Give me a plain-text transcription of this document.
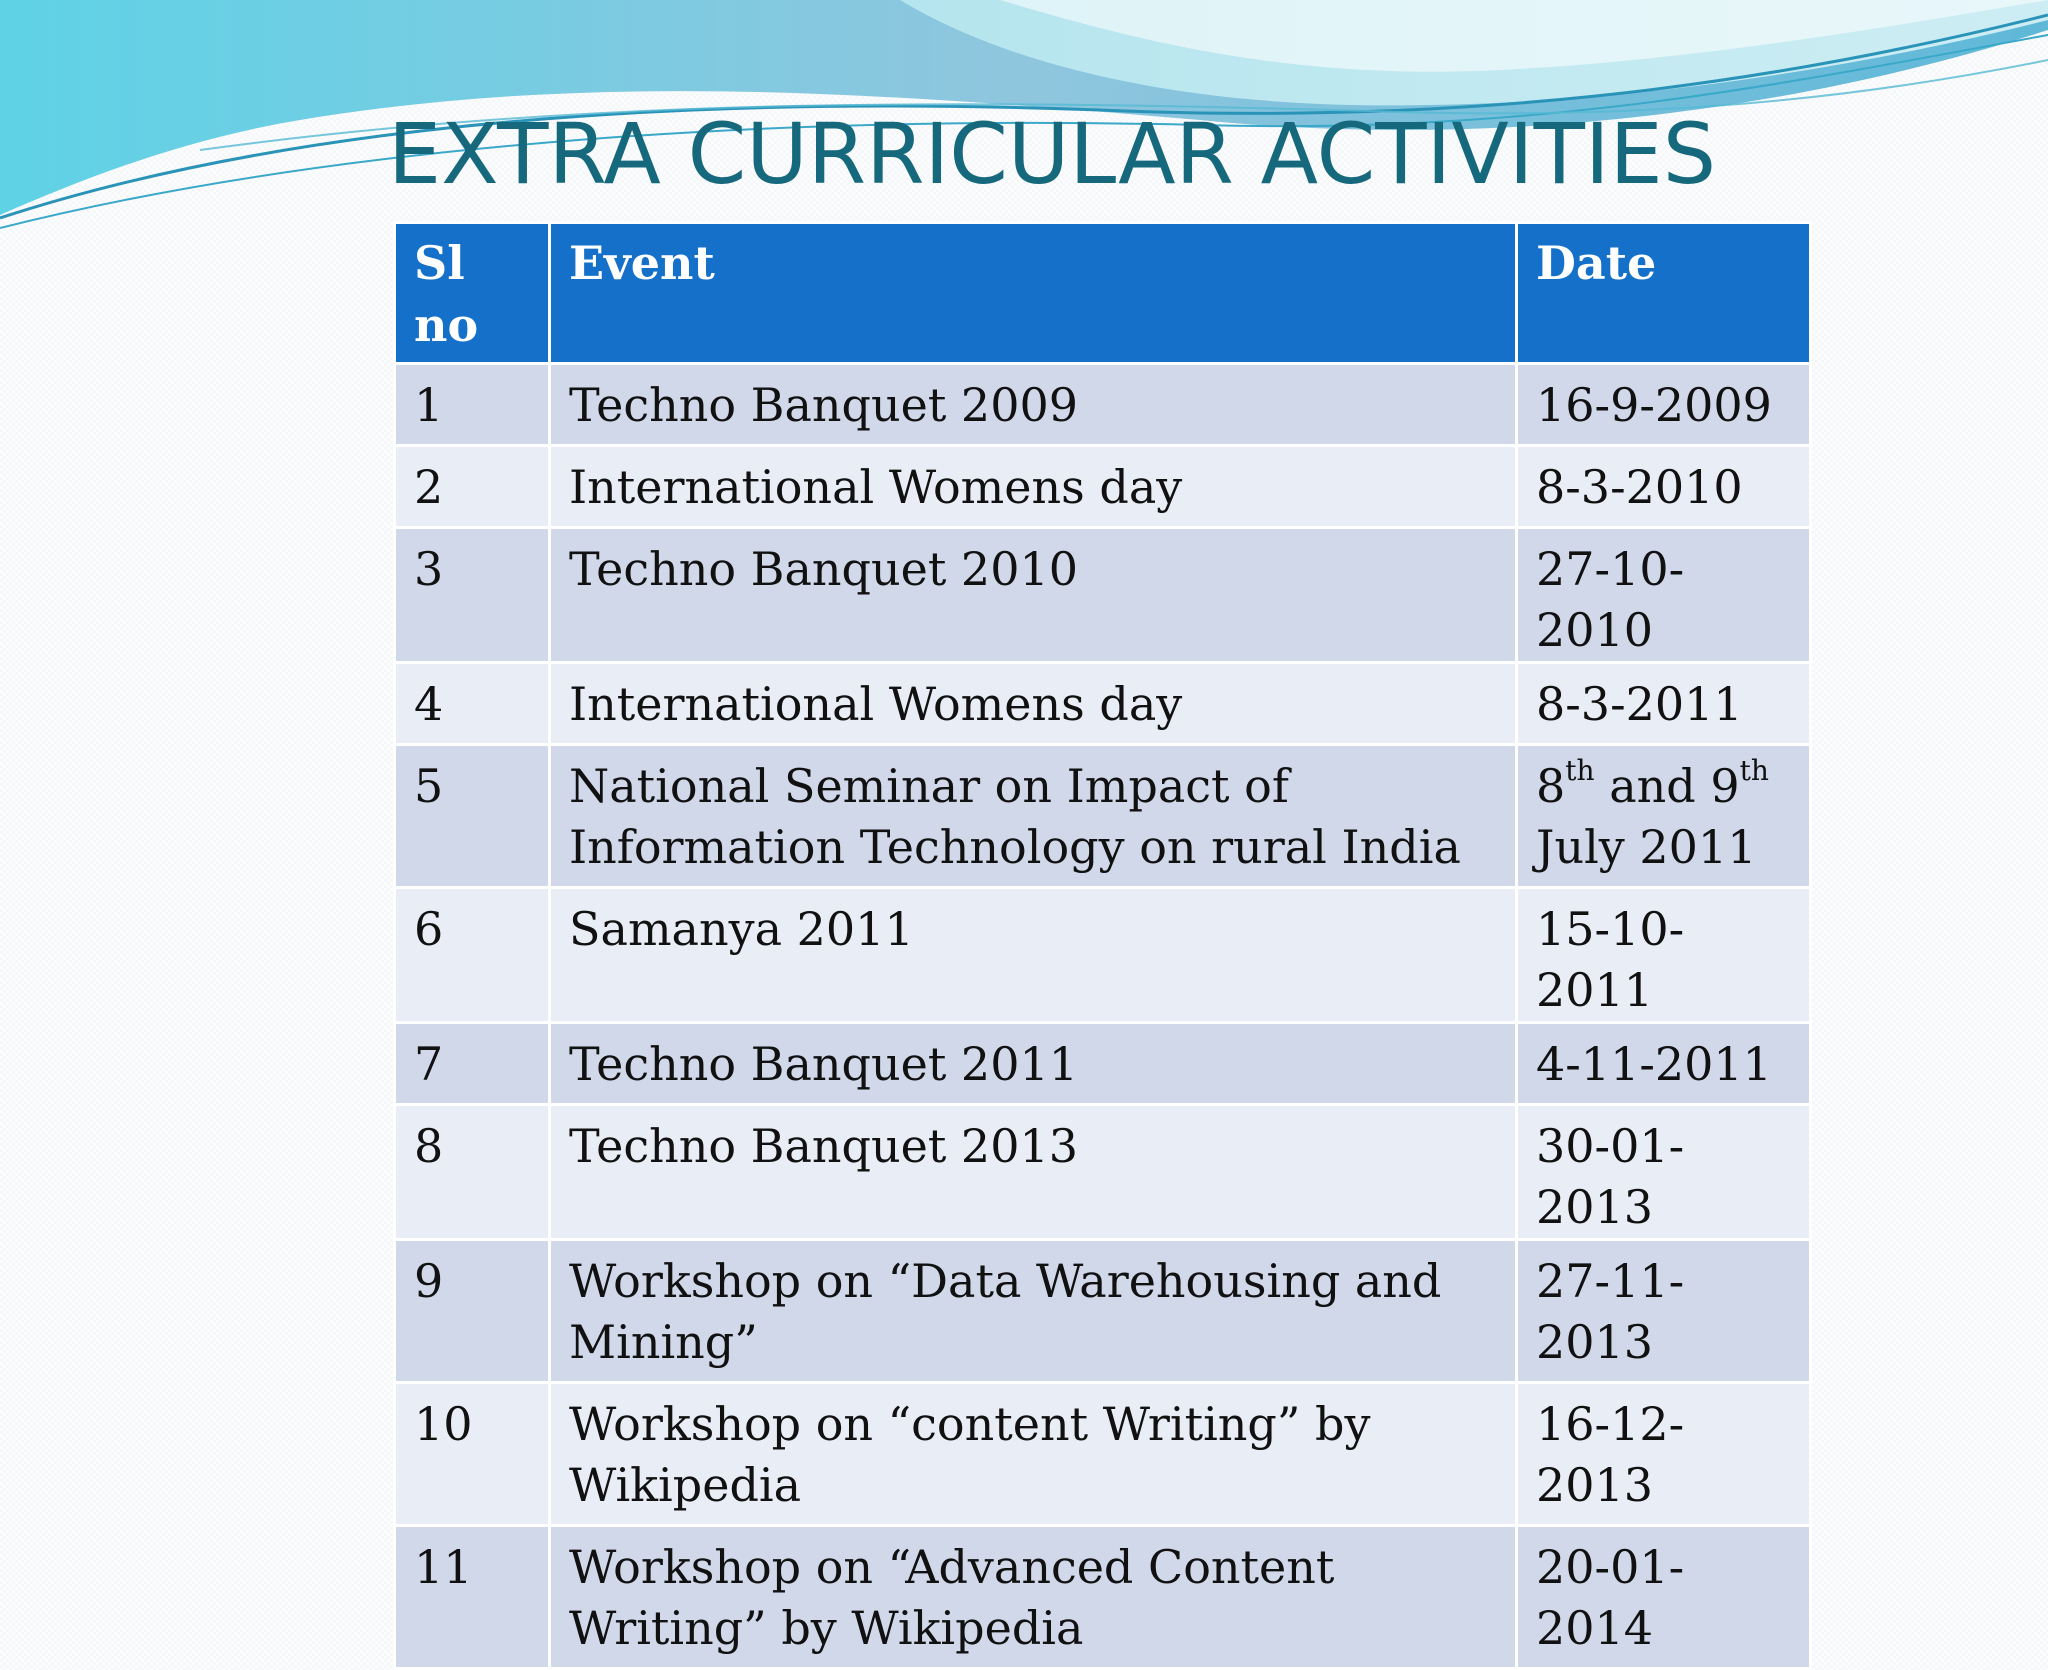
EXTRA CURRICULAR ACTIVITIES
Sl no	Event	Date
1	Techno Banquet 2009	16-9-2009
2	International Womens day	8-3-2010
3	Techno Banquet 2010	27-10-2010
4	International Womens day	8-3-2011
5	National Seminar on Impact of Information Technology on rural India	8th and 9th July 2011
6	Samanya 2011	15-10-2011
7	Techno Banquet 2011	4-11-2011
8	Techno Banquet 2013	30-01-2013
9	Workshop on “Data Warehousing and Mining”	27-11-2013
10	Workshop on “content Writing” by Wikipedia	16-12-2013
11	Workshop on “Advanced Content Writing” by Wikipedia	20-01-2014
